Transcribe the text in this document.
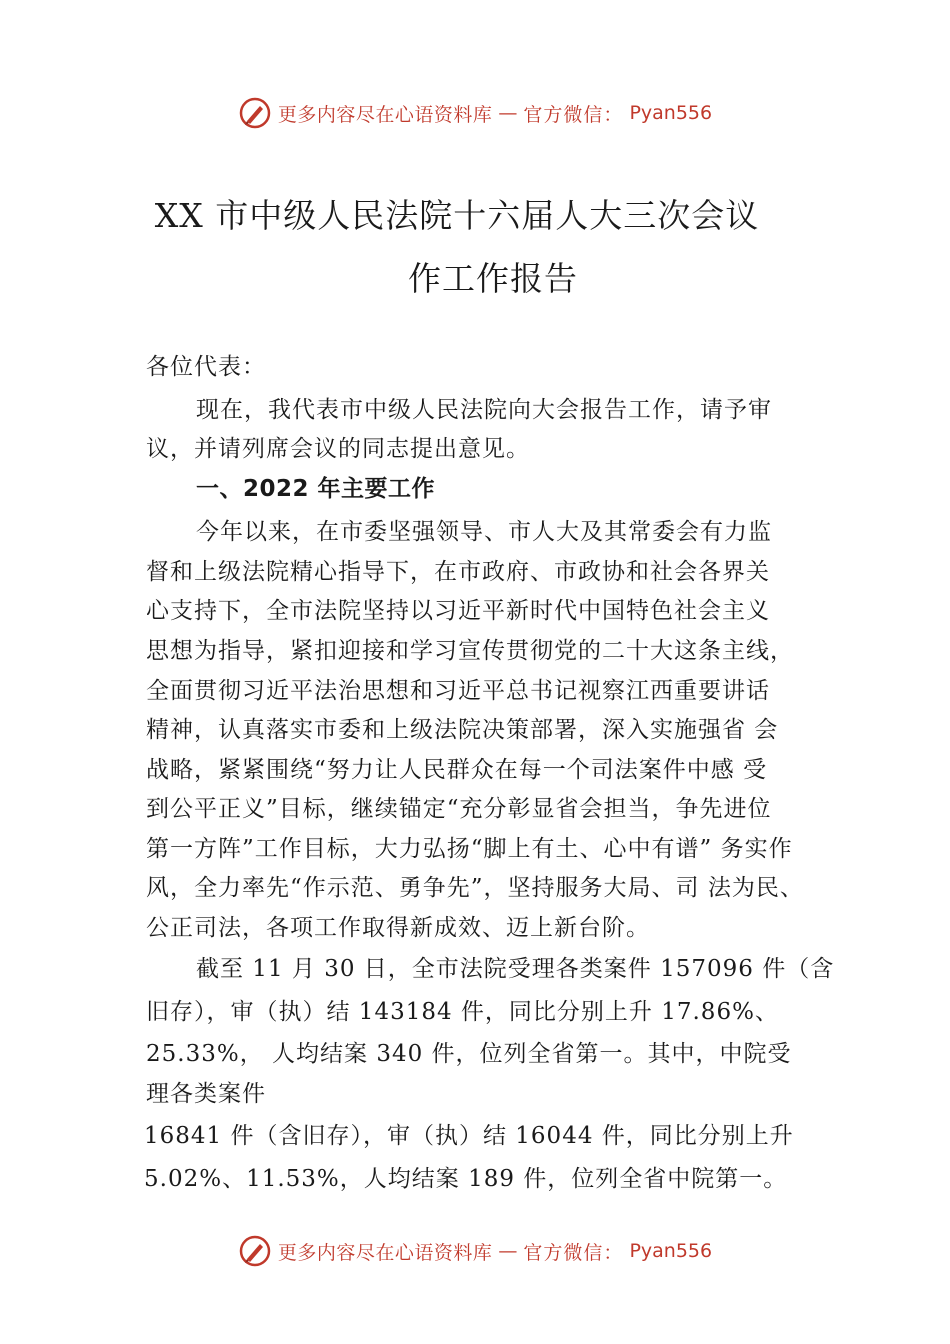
更多内容尽在心语资料库 — 官方微信： Pyan556
XX 市中级人民法院十六届人大三次会议
作工作报告
各位代表：
现在，我代表市中级人民法院向大会报告工作，请予审
议，并请列席会议的同志提出意见。
一、2022 年主要工作
今年以来，在市委坚强领导、市人大及其常委会有力监
督和上级法院精心指导下，在市政府、市政协和社会各界关
心支持下，全市法院坚持以习近平新时代中国特色社会主义
思想为指导，紧扣迎接和学习宣传贯彻党的二十大这条主线，
全面贯彻习近平法治思想和习近平总书记视察江西重要讲话
精神，认真落实市委和上级法院决策部署，深入实施强省 会
战略，紧紧围绕“努力让人民群众在每一个司法案件中感 受
到公平正义”目标，继续锚定“充分彰显省会担当，争先进位
第一方阵”工作目标，大力弘扬“脚上有土、心中有谱” 务实作
风，全力率先“作示范、勇争先”，坚持服务大局、司 法为民、
公正司法，各项工作取得新成效、迈上新台阶。
截至 11 月 30 日，全市法院受理各类案件 157096 件（含
旧存），审（执）结 143184 件，同比分别上升 17.86%、
25.33%， 人均结案 340 件，位列全省第一。其中，中院受
理各类案件
16841 件（含旧存），审（执）结 16044 件，同比分别上升
5.02%、11.53%，人均结案 189 件，位列全省中院第一。
更多内容尽在心语资料库 — 官方微信： Pyan556
